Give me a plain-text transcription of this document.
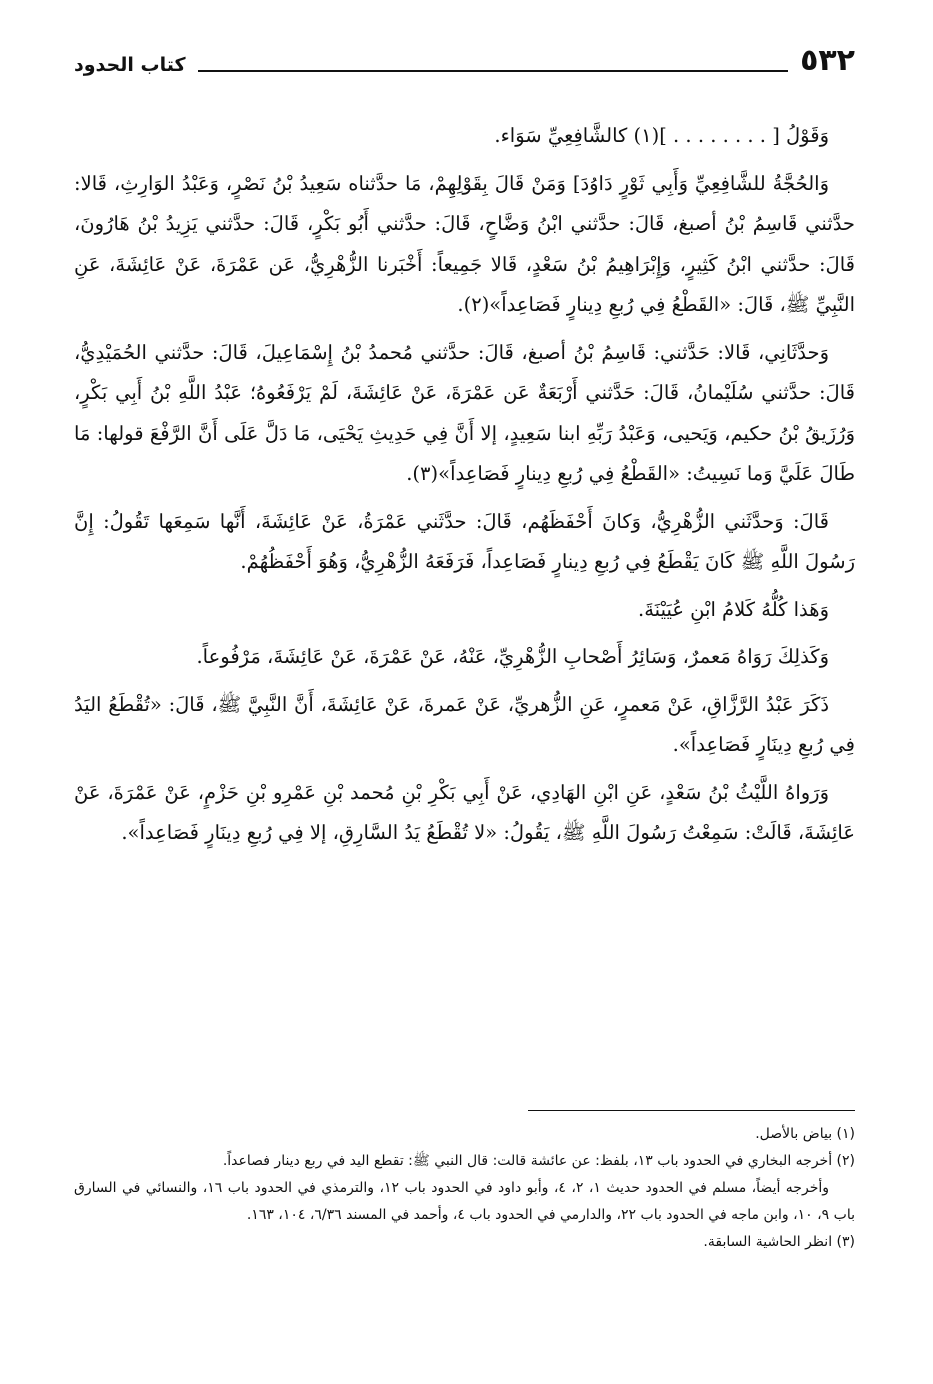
٥٣٢
كتاب الحدود

وَقَوْلُ [ . . . . . . . . ](١) كالشَّافِعِيِّ سَوَاء.

وَالحُجَّةُ للشَّافِعِيِّ وَأَبِي ثَوْرٍ دَاوُدَ] وَمَنْ قَالَ بِقَوْلِهِمْ، مَا حدَّثناه سَعِيدُ بْنُ نَصْرٍ، وَعَبْدُ الوَارِثِ، قَالا: حدَّثني قَاسِمُ بْنُ أصبغ، قَالَ: حدَّثني ابْنُ وَضَّاحٍ، قَالَ: حدَّثني أَبُو بَكْرٍ، قَالَ: حدَّثني يَزِيدُ بْنُ هَارُونَ، قَالَ: حدَّثني ابْنُ كَثِيرٍ، وَإِبْرَاهِيمُ بْنُ سَعْدٍ، قَالا جَمِيعاً: أَخْبَرنا الزُّهْرِيُّ، عَن عَمْرَةَ، عَنْ عَائِشَةَ، عَنِ النَّبِيِّ ﷺ، قَالَ: «القَطْعُ فِي رُبعِ دِينارٍ فَصَاعِداً»(٢).

وَحدَّثَانِي، قَالا: حَدَّثني: قَاسِمُ بْنُ أصبغ، قَالَ: حدَّثني مُحمدُ بْنُ إِسْمَاعِيلَ، قَالَ: حدَّثني الحُمَيْدِيُّ، قَالَ: حدَّثني سُلَيْمانُ، قَالَ: حَدَّثني أَرْبَعَةٌ عَن عَمْرَةَ، عَنْ عَائِشَةَ، لَمْ يَرْفَعُوهُ؛ عَبْدُ اللَّهِ بْنُ أَبِي بَكْرٍ، وَرُزَيقُ بْنُ حكيم، وَيَحيى، وَعَبْدُ رَبِّهِ ابنا سَعِيدٍ، إلا أَنَّ فِي حَدِيثِ يَحْيَى، مَا دَلَّ عَلَى أَنَّ الرَّفْعَ قولها: مَا طَالَ عَلَيَّ وَما نَسِيتُ: «القَطْعُ فِي رُبعِ دِينارٍ فَصَاعِداً»(٣).

قَالَ: وَحدَّثَني الزُّهْرِيُّ، وَكانَ أَحْفَظَهُم، قَالَ: حدَّثَني عَمْرَةُ، عَنْ عَائِشَةَ، أَنَّها سَمِعَها تَقُولُ: إِنَّ رَسُولَ اللَّهِ ﷺ كَانَ يَقْطَعُ فِي رُبعِ دِينارٍ فَصَاعِداً، فَرَفَعَهُ الزُّهْرِيُّ، وَهُوَ أَحْفَظُهُمْ.

وَهَذا كُلُّهُ كَلامُ ابْنِ عُيَيْنَةَ.

وَكَذلِكَ رَوَاهُ مَعمرٌ، وَسَائِرُ أَصْحابِ الزُّهْرِيِّ، عَنْهُ، عَنْ عَمْرَةَ، عَنْ عَائِشَةَ، مَرْفُوعاً.

ذَكَرَ عَبْدُ الرَّزَّاقِ، عَنْ مَعمرٍ، عَنِ الزُّهريِّ، عَنْ عَمرةَ، عَنْ عَائِشَةَ، أَنَّ النَّبِيَّ ﷺ، قَالَ: «تُقْطَعُ اليَدُ فِي رُبعِ دِينَارٍ فَصَاعِداً».

وَرَواهُ اللَّيْثُ بْنُ سَعْدٍ، عَنِ ابْنِ الهَادِي، عَنْ أَبِي بَكْرِ بْنِ مُحمد بْنِ عَمْرِو بْنِ حَزْمٍ، عَنْ عَمْرَةَ، عَنْ عَائِشَةَ، قَالَتْ: سَمِعْتُ رَسُولَ اللَّهِ ﷺ، يَقُولُ: «لا تُقْطَعُ يَدُ السَّارِقِ، إلا فِي رُبعِ دِينَارٍ فَصَاعِداً».

(١) بياض بالأصل.

(٢) أخرجه البخاري في الحدود باب ١٣، بلفظ: عن عائشة قالت: قال النبي ﷺ: تقطع اليد في ربع دينار فصاعداً.

وأخرجه أيضاً، مسلم في الحدود حديث ١، ٢، ٤، وأبو داود في الحدود باب ١٢، والترمذي في الحدود باب ١٦، والنسائي في السارق باب ٩، ١٠، وابن ماجه في الحدود باب ٢٢، والدارمي في الحدود باب ٤، وأحمد في المسند ٦/٣٦، ١٠٤، ١٦٣.

(٣) انظر الحاشية السابقة.
